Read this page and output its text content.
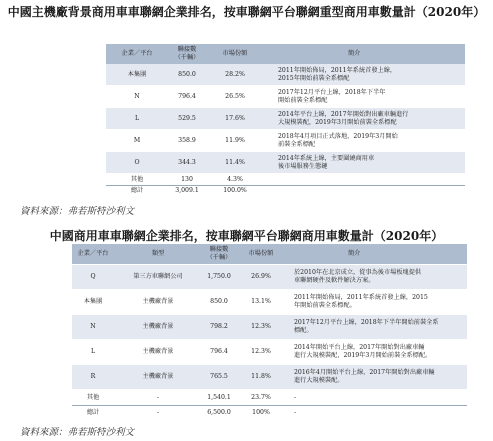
中國主機廠背景商用車車聯網企業排名，按車聯網平台聯網重型商用車數量計（2020年）
企業／平台
聯接數
（千輛）
市場份額	簡介
本集團	850.0	28.2%
2011年開始佈局，2011年系統首發上線，
2015年開始前裝全系標配
N	796.4	26.5%
2017年12月平台上線，2018年下半年
開始前裝全系標配
L	529.5	17.6%
2014年平台上線，2017年開始對出廠車輛進行
大規模裝配，2019年3月開始前裝全系標配
M	358.9	11.9%
2018年4月項目正式落地，2019年3月開始
前裝全系標配
O	344.3	11.4%
2014年系統上線，主要圍繞商用車
後市場服務生態鏈
其他	130	4.3%
總計	3,009.1	100.0%
資料來源：弗若斯特沙利文
中國商用車車聯網企業排名，按車聯網平台聯網商用車數量計（2020年）
企業／平台	類型
聯接數
（千輛）
市場份額	簡介
Q	第三方車聯網公司	1,750.0	26.9%
於2010年在北京成立，從事為後市場板塊提供
車聯網硬件及軟件解決方案。
本集團	主機廠背景	850.0	13.1%
2011年開始佈局，2011年系統首發上線，2015
年開始前裝全系標配。
N	主機廠背景	798.2	12.3%
2017年12月平台上線，2018年下半年開始前裝全系
標配。
L	主機廠背景	796.4	12.3%
2014年開始平台上線，2017年開始對出廠車輛
進行大規模裝配，2019年3月開始前裝全系標配。
R	主機廠背景	765.5	11.8%
2016年4月開始平台上線，2017年開始對出廠車輛
進行大規模裝配。
其他	-	1,540.1	23.7%	-
總計	-	6,500.0	100%	-
資料來源：弗若斯特沙利文
